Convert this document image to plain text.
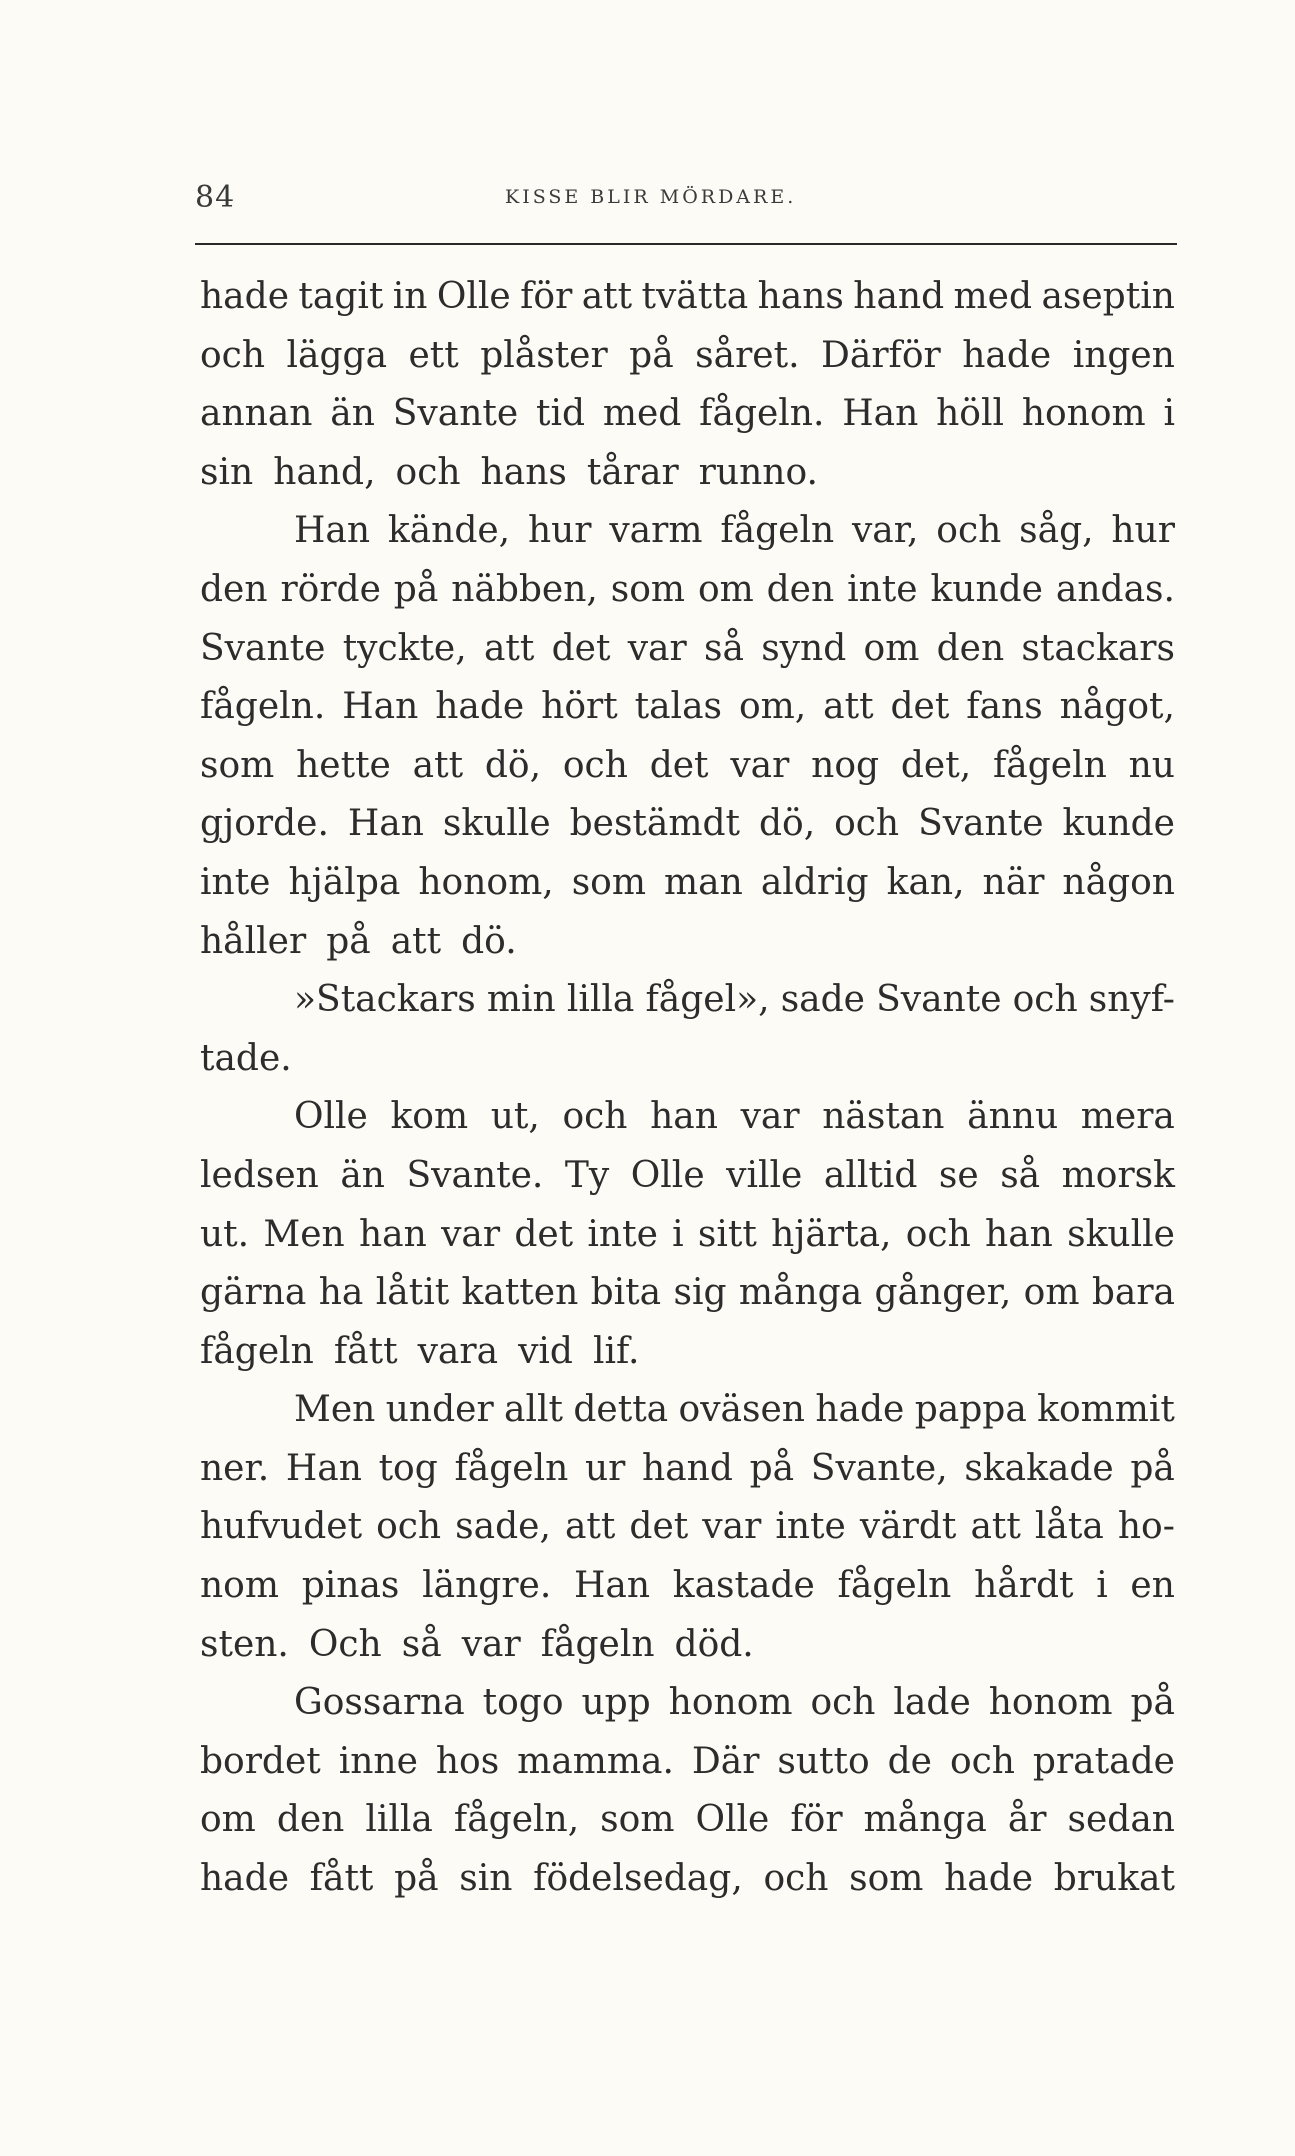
84	KISSE BLIR MÖRDARE.
hade tagit in Olle för att tvätta hans hand med aseptin
och lägga ett plåster på såret. Därför hade ingen
annan än Svante tid med fågeln. Han höll honom i
sin hand, och hans tårar runno.
Han kände, hur varm fågeln var, och såg, hur
den rörde på näbben, som om den inte kunde andas.
Svante tyckte, att det var så synd om den stackars
fågeln. Han hade hört talas om, att det fans något,
som hette att dö, och det var nog det, fågeln nu
gjorde. Han skulle bestämdt dö, och Svante kunde
inte hjälpa honom, som man aldrig kan, när någon
håller på att dö.
»Stackars min lilla fågel», sade Svante och snyf-
tade.
Olle kom ut, och han var nästan ännu mera
ledsen än Svante. Ty Olle ville alltid se så morsk
ut. Men han var det inte i sitt hjärta, och han skulle
gärna ha låtit katten bita sig många gånger, om bara
fågeln fått vara vid lif.
Men under allt detta oväsen hade pappa kommit
ner. Han tog fågeln ur hand på Svante, skakade på
hufvudet och sade, att det var inte värdt att låta ho-
nom pinas längre. Han kastade fågeln hårdt i en
sten. Och så var fågeln död.
Gossarna togo upp honom och lade honom på
bordet inne hos mamma. Där sutto de och pratade
om den lilla fågeln, som Olle för många år sedan
hade fått på sin födelsedag, och som hade brukat
